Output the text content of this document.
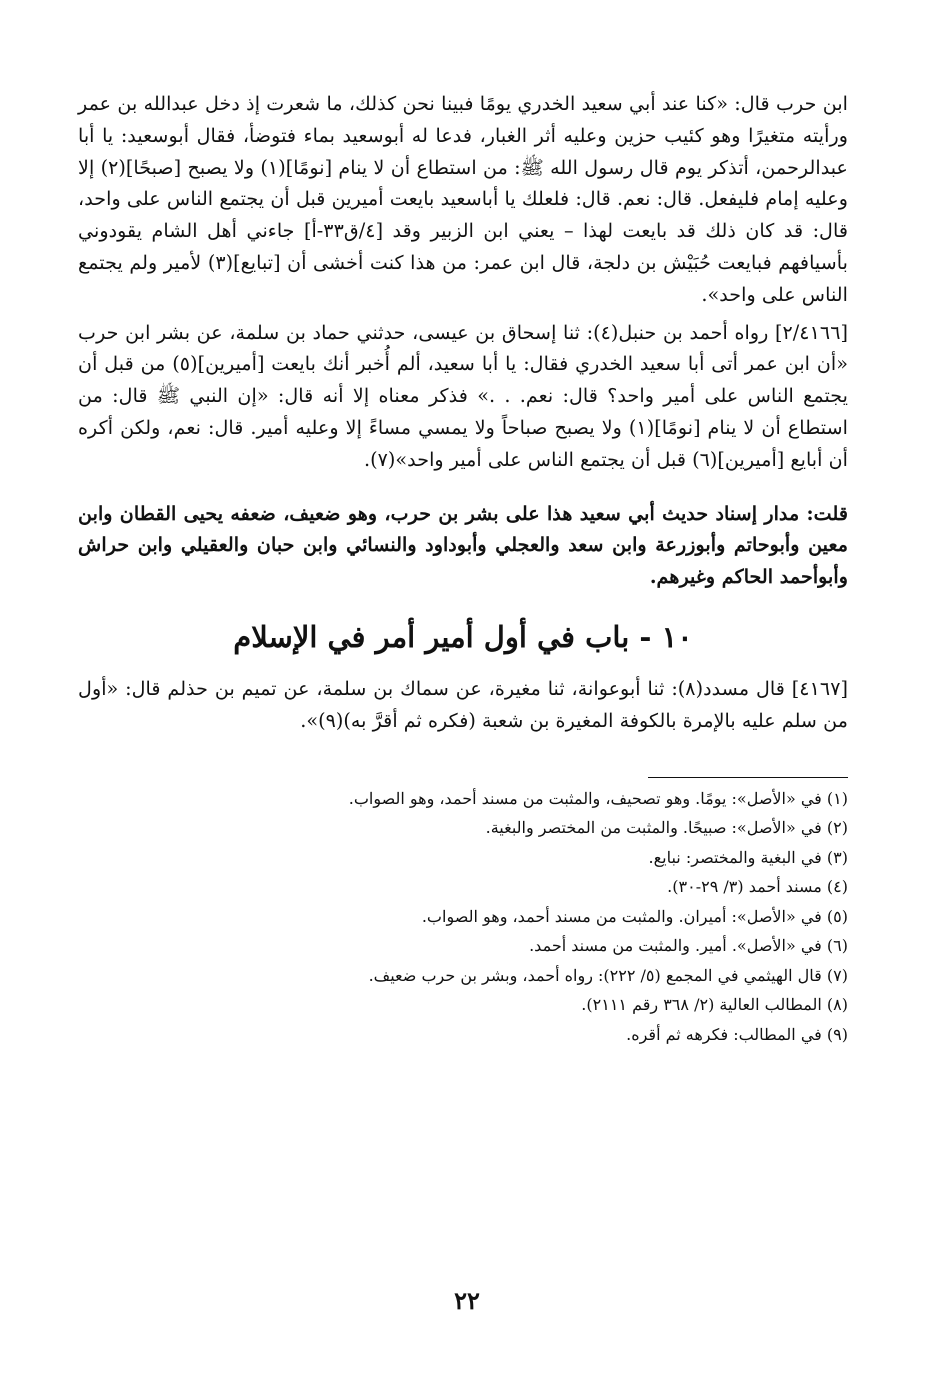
ابن حرب قال: «كنا عند أبي سعيد الخدري يومًا فبينا نحن كذلك، ما شعرت إذ دخل عبدالله بن عمر ورأيته متغيرًا وهو كئيب حزين وعليه أثر الغبار، فدعا له أبوسعيد بماء فتوضأ، فقال أبوسعيد: يا أبا عبدالرحمن، أتذكر يوم قال رسول الله ﷺ: من استطاع أن لا ينام [نومًا](١) ولا يصبح [صبحًا](٢) إلا وعليه إمام فليفعل. قال: نعم. قال: فلعلك يا أباسعيد بايعت أميرين قبل أن يجتمع الناس على واحد، قال: قد كان ذلك قد بايعت لهذا – يعني ابن الزبير وقد [٤/ق٣٣-أ] جاءني أهل الشام يقودوني بأسيافهم فبايعت حُبَيْش بن دلجة، قال ابن عمر: من هذا كنت أخشى أن [تبايع](٣) لأمير ولم يجتمع الناس على واحد».

[٢/٤١٦٦] رواه أحمد بن حنبل(٤): ثنا إسحاق بن عيسى، حدثني حماد بن سلمة، عن بشر ابن حرب «أن ابن عمر أتى أبا سعيد الخدري فقال: يا أبا سعيد، ألم أُخبر أنك بايعت [أميرين](٥) من قبل أن يجتمع الناس على أمير واحد؟ قال: نعم. . .» فذكر معناه إلا أنه قال: «إن النبي ﷺ قال: من استطاع أن لا ينام [نومًا](١) ولا يصبح صباحاً ولا يمسي مساءً إلا وعليه أمير. قال: نعم، ولكن أكره أن أبايع [أميرين](٦) قبل أن يجتمع الناس على أمير واحد»(٧).

قلت: مدار إسناد حديث أبي سعيد هذا على بشر بن حرب، وهو ضعيف، ضعفه يحيى القطان وابن معين وأبوحاتم وأبوزرعة وابن سعد والعجلي وأبوداود والنسائي وابن حبان والعقيلي وابن حراش وأبوأحمد الحاكم وغيرهم.

١٠ - باب في أول أمير أمر في الإسلام

[٤١٦٧] قال مسدد(٨): ثنا أبوعوانة، ثنا مغيرة، عن سماك بن سلمة، عن تميم بن حذلم قال: «أول من سلم عليه بالإمرة بالكوفة المغيرة بن شعبة (فكره ثم أقرَّ به)(٩)».

(١) في «الأصل»: يومًا. وهو تصحيف، والمثبت من مسند أحمد، وهو الصواب.
(٢) في «الأصل»: صبيحًا. والمثبت من المختصر والبغية.
(٣) في البغية والمختصر: نبايع.
(٤) مسند أحمد (٣/ ٢٩-٣٠).
(٥) في «الأصل»: أميران. والمثبت من مسند أحمد، وهو الصواب.
(٦) في «الأصل». أمير. والمثبت من مسند أحمد.
(٧) قال الهيثمي في المجمع (٥/ ٢٢٢): رواه أحمد، وبشر بن حرب ضعيف.
(٨) المطالب العالية (٢/ ٣٦٨ رقم ٢١١١).
(٩) في المطالب: فكرهه ثم أقره.
٢٢
